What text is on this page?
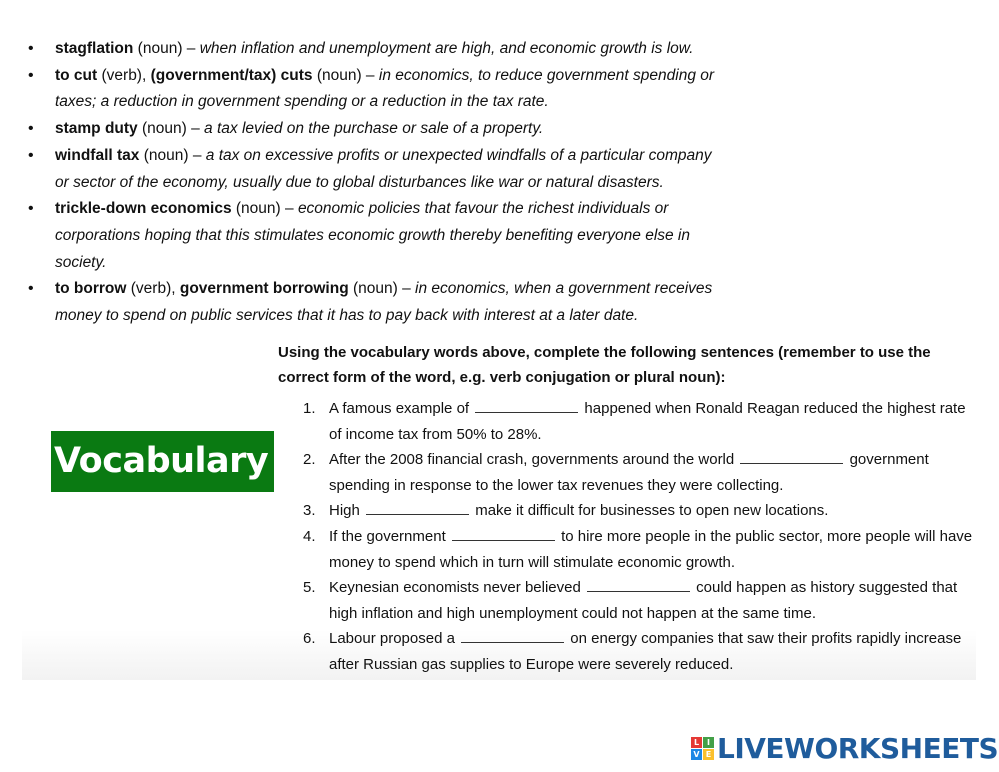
• stagflation (noun) – when inflation and unemployment are high, and economic growth is low.
• to cut (verb), (government/tax) cuts (noun) – in economics, to reduce government spending or taxes; a reduction in government spending or a reduction in the tax rate.
• stamp duty (noun) – a tax levied on the purchase or sale of a property.
• windfall tax (noun) – a tax on excessive profits or unexpected windfalls of a particular company or sector of the economy, usually due to global disturbances like war or natural disasters.
• trickle-down economics (noun) – economic policies that favour the richest individuals or corporations hoping that this stimulates economic growth thereby benefiting everyone else in society.
• to borrow (verb), government borrowing (noun) – in economics, when a government receives money to spend on public services that it has to pay back with interest at a later date.
Using the vocabulary words above, complete the following sentences (remember to use the correct form of the word, e.g. verb conjugation or plural noun):
Vocabulary
1. A famous example of	happened when Ronald Reagan reduced the highest rate of income tax from 50% to 28%.
2. After the 2008 financial crash, governments around the world	government spending in response to the lower tax revenues they were collecting.
3. High	make it difficult for businesses to open new locations.
4. If the government	to hire more people in the public sector, more people will have money to spend which in turn will stimulate economic growth.
5. Keynesian economists never believed	could happen as history suggested that high inflation and high unemployment could not happen at the same time.
6. Labour proposed a	on energy companies that saw their profits rapidly increase after Russian gas supplies to Europe were severely reduced.
L I
V E LIVEWORKSHEETS
